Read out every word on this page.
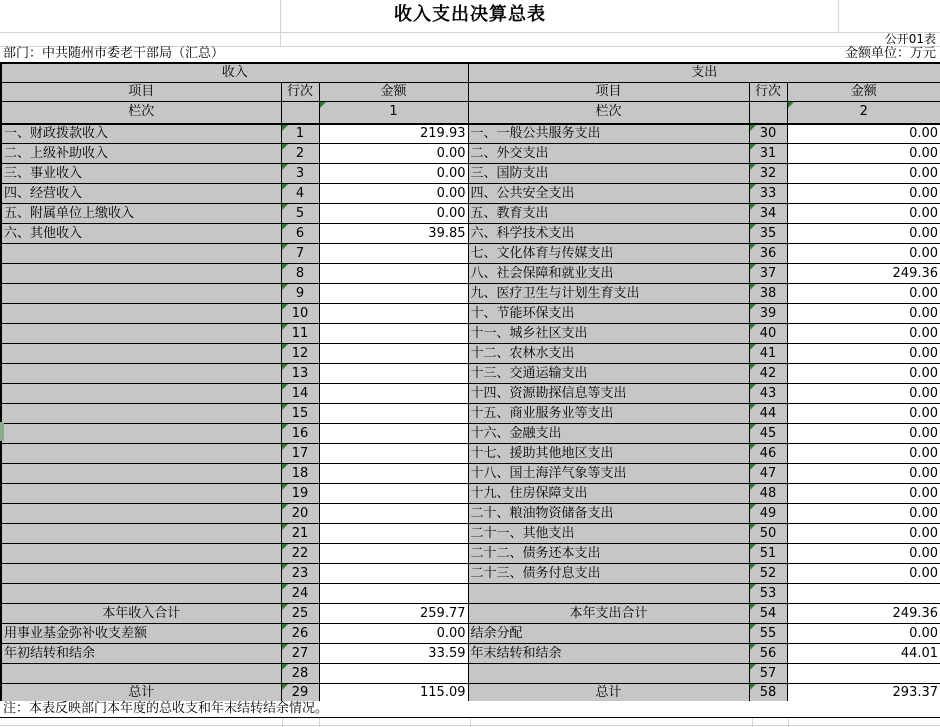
收入支出决算总表
公开01表
部门：中共随州市委老干部局（汇总）	金额单位：万元
收入			支出		
项目	行次	金额	项目	行次	金额
栏次		1	栏次		2
一、财政拨款收入	1	219.93	一、一般公共服务支出	30	0.00
二、上级补助收入	2	0.00	二、外交支出	31	0.00
三、事业收入	3	0.00	三、国防支出	32	0.00
四、经营收入	4	0.00	四、公共安全支出	33	0.00
五、附属单位上缴收入	5	0.00	五、教育支出	34	0.00
六、其他收入	6	39.85	六、科学技术支出	35	0.00
	7		七、文化体育与传媒支出	36	0.00
	8		八、社会保障和就业支出	37	249.36
	9		九、医疗卫生与计划生育支出	38	0.00
	10		十、节能环保支出	39	0.00
	11		十一、城乡社区支出	40	0.00
	12		十二、农林水支出	41	0.00
	13		十三、交通运输支出	42	0.00
	14		十四、资源勘探信息等支出	43	0.00
	15		十五、商业服务业等支出	44	0.00
	16		十六、金融支出	45	0.00
	17		十七、援助其他地区支出	46	0.00
	18		十八、国土海洋气象等支出	47	0.00
	19		十九、住房保障支出	48	0.00
	20		二十、粮油物资储备支出	49	0.00
	21		二十一、其他支出	50	0.00
	22		二十二、债务还本支出	51	0.00
	23		二十三、债务付息支出	52	0.00
	24			53	
本年收入合计	25	259.77	本年支出合计	54	249.36
用事业基金弥补收支差额	26	0.00	结余分配	55	0.00
年初结转和结余	27	33.59	年末结转和结余	56	44.01
	28			57	
总计	29	115.09	总计	58	293.37
注：本表反映部门本年度的总收支和年末结转结余情况。
